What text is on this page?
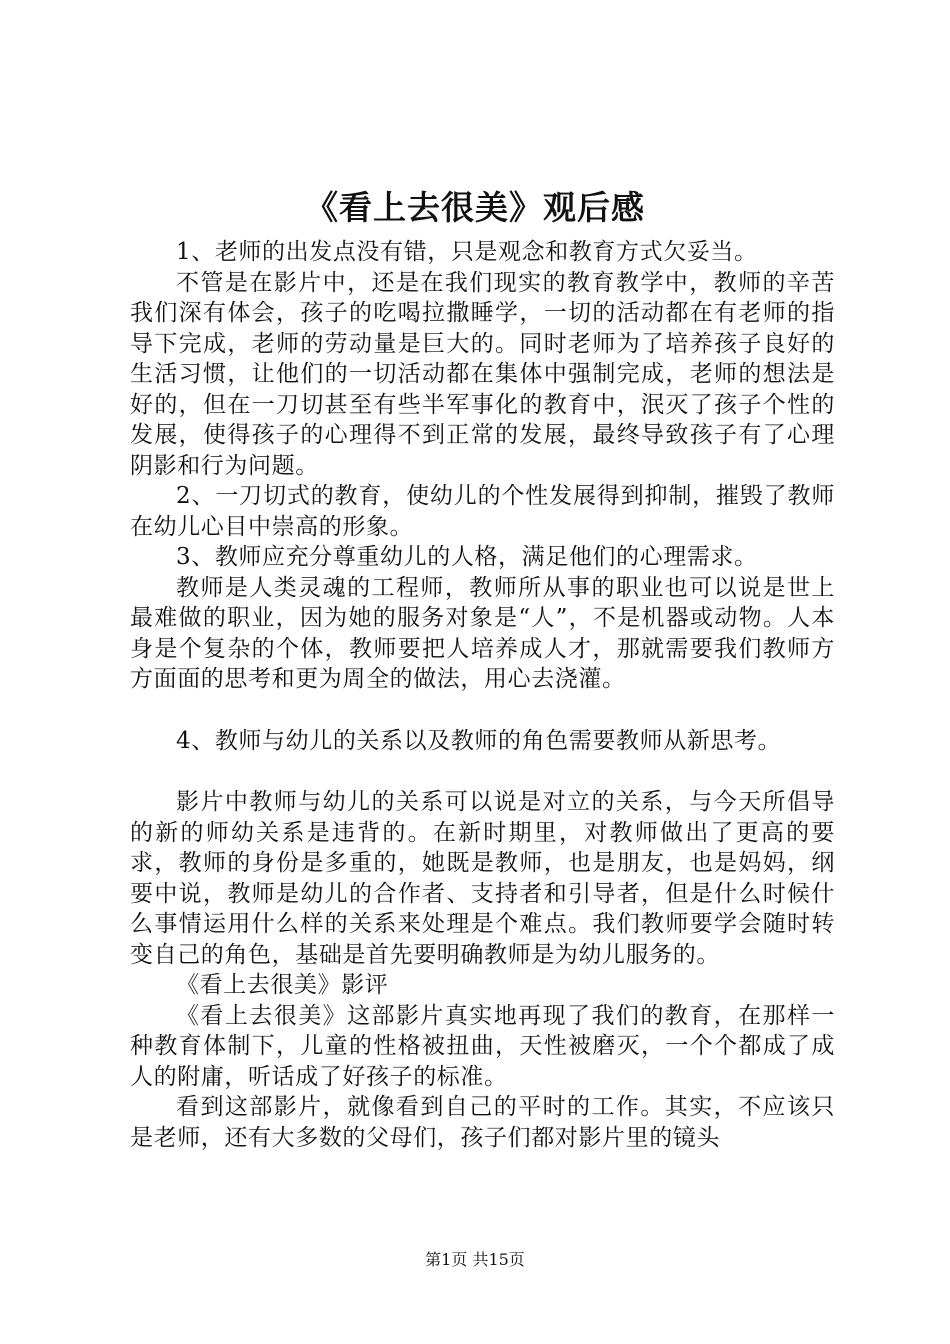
《看上去很美》观后感

1、老师的出发点没有错，只是观念和教育方式欠妥当。

不管是在影片中，还是在我们现实的教育教学中，教师的辛苦我们深有体会，孩子的吃喝拉撒睡学，一切的活动都在有老师的指导下完成，老师的劳动量是巨大的。同时老师为了培养孩子良好的生活习惯，让他们的一切活动都在集体中强制完成，老师的想法是好的，但在一刀切甚至有些半军事化的教育中，泯灭了孩子个性的发展，使得孩子的心理得不到正常的发展，最终导致孩子有了心理阴影和行为问题。

2、一刀切式的教育，使幼儿的个性发展得到抑制，摧毁了教师在幼儿心目中崇高的形象。

3、教师应充分尊重幼儿的人格，满足他们的心理需求。

教师是人类灵魂的工程师，教师所从事的职业也可以说是世上最难做的职业，因为她的服务对象是“人”，不是机器或动物。人本身是个复杂的个体，教师要把人培养成人才，那就需要我们教师方方面面的思考和更为周全的做法，用心去浇灌。

4、教师与幼儿的关系以及教师的角色需要教师从新思考。

影片中教师与幼儿的关系可以说是对立的关系，与今天所倡导的新的师幼关系是违背的。在新时期里，对教师做出了更高的要求，教师的身份是多重的，她既是教师，也是朋友，也是妈妈，纲要中说，教师是幼儿的合作者、支持者和引导者，但是什么时候什么事情运用什么样的关系来处理是个难点。我们教师要学会随时转变自己的角色，基础是首先要明确教师是为幼儿服务的。

《看上去很美》影评

《看上去很美》这部影片真实地再现了我们的教育，在那样一种教育体制下，儿童的性格被扭曲，天性被磨灭，一个个都成了成人的附庸，听话成了好孩子的标准。

看到这部影片，就像看到自己的平时的工作。其实，不应该只是老师，还有大多数的父母们，孩子们都对影片里的镜头

第1页 共15页
